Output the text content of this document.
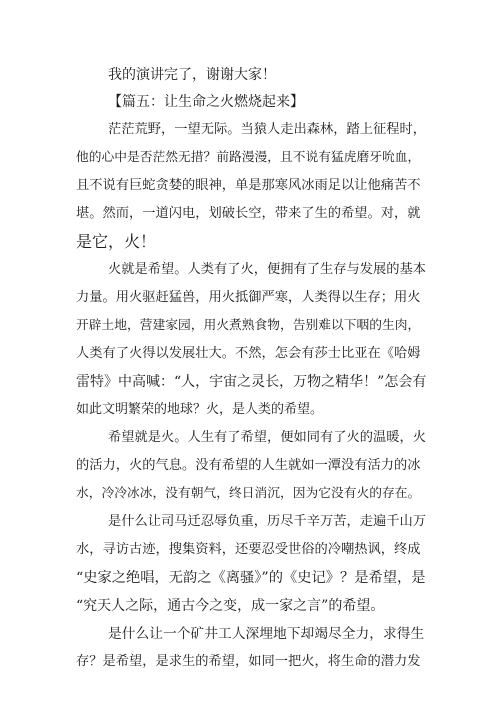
我的演讲完了，谢谢大家！
【篇五：让生命之火燃烧起来】
茫茫荒野，一望无际。当猿人走出森林，踏上征程时，
他的心中是否茫然无措？前路漫漫，且不说有猛虎磨牙吮血，
且不说有巨蛇贪婪的眼神，单是那寒风冰雨足以让他痛苦不
堪。然而，一道闪电，划破长空，带来了生的希望。对，就
是它，火！
火就是希望。人类有了火，便拥有了生存与发展的基本
力量。用火驱赶猛兽，用火抵御严寒，人类得以生存；用火
开辟土地，营建家园，用火煮熟食物，告别难以下咽的生肉，
人类有了火得以发展壮大。不然，怎会有莎士比亚在《哈姆
雷特》中高喊：“人，宇宙之灵长，万物之精华！”怎会有
如此文明繁荣的地球？火，是人类的希望。
希望就是火。人生有了希望，便如同有了火的温暖，火
的活力，火的气息。没有希望的人生就如一潭没有活力的冰
水，冷冷冰冰，没有朝气，终日消沉，因为它没有火的存在。
是什么让司马迁忍辱负重，历尽千辛万苦，走遍千山万
水，寻访古迹，搜集资料，还要忍受世俗的冷嘲热讽，终成
“史家之绝唱，无韵之《离骚》”的《史记》？是希望，是
“究天人之际，通古今之变，成一家之言”的希望。
是什么让一个矿井工人深埋地下却竭尽全力，求得生
存？是希望，是求生的希望，如同一把火，将生命的潜力发
